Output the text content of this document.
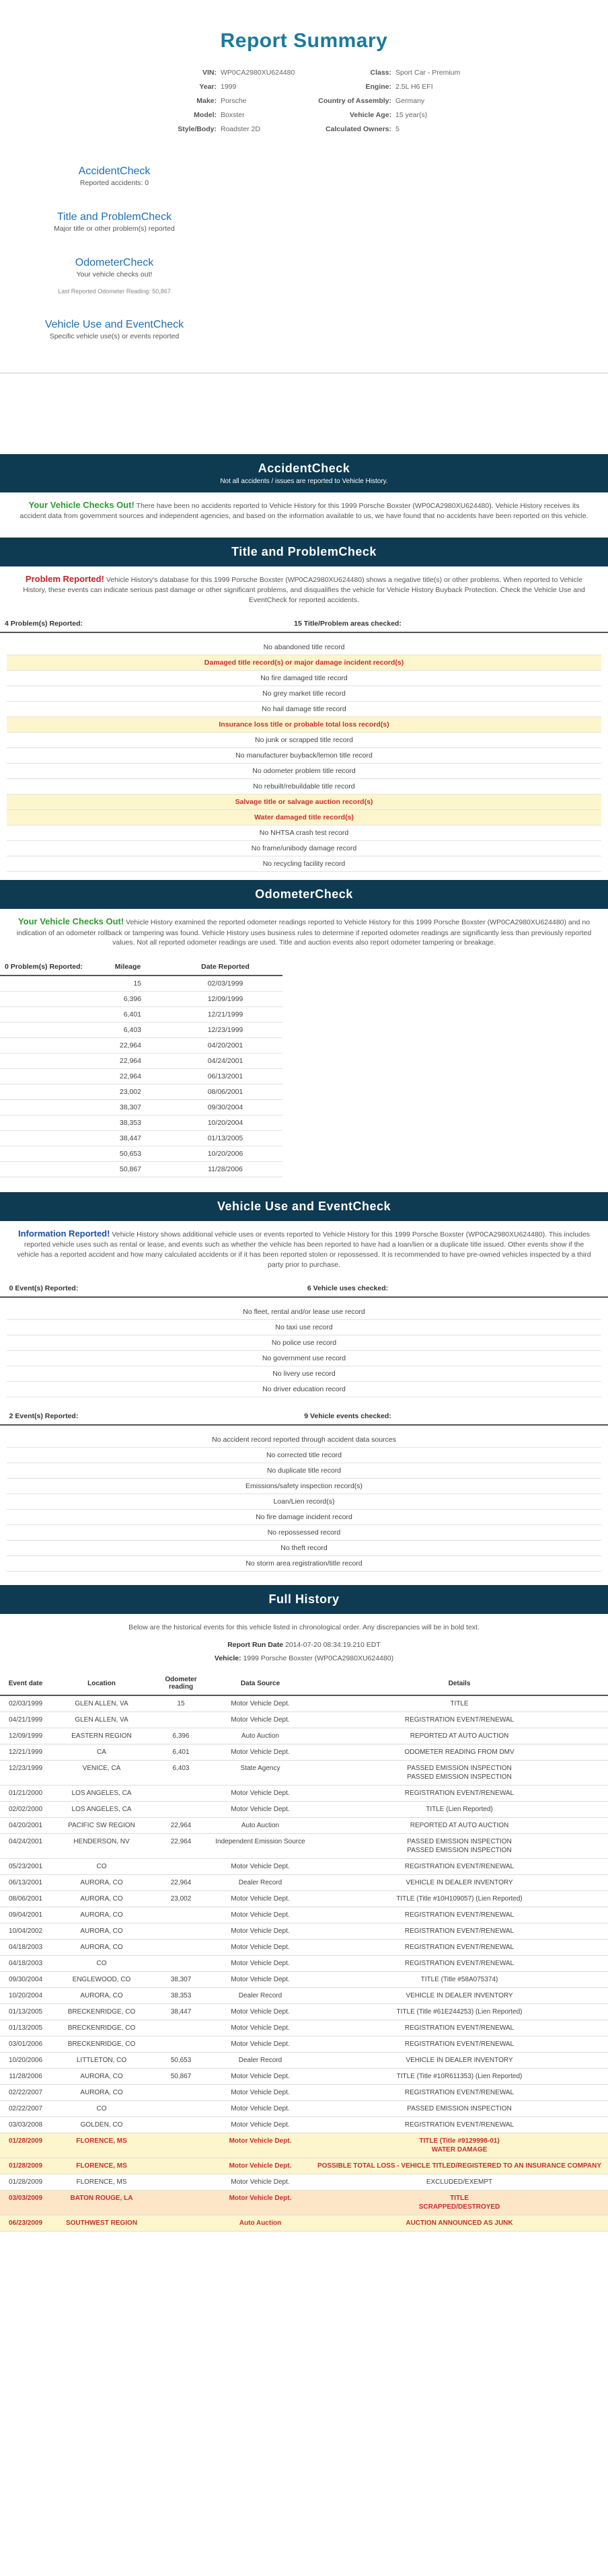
Report Summary
VIN: WP0CA2980XU624480	Class: Sport Car - Premium
Year: 1999	Engine: 2.5L H6 EFI
Make: Porsche	Country of Assembly: Germany
Model: Boxster	Vehicle Age: 15 year(s)
Style/Body: Roadster 2D	Calculated Owners: 5
AccidentCheck
Reported accidents: 0
Title and ProblemCheck
Major title or other problem(s) reported
OdometerCheck
Your vehicle checks out!
Last Reported Odometer Reading: 50,867
Vehicle Use and EventCheck
Specific vehicle use(s) or events reported
AccidentCheck
Not all accidents / issues are reported to Vehicle History.
Your Vehicle Checks Out! There have been no accidents reported to Vehicle History for this 1999 Porsche Boxster (WP0CA2980XU624480). Vehicle History receives its accident data from government sources and independent agencies, and based on the information available to us, we have found that no accidents have been reported on this vehicle.
Title and ProblemCheck
Problem Reported! Vehicle History's database for this 1999 Porsche Boxster (WP0CA2980XU624480) shows a negative title(s) or other problems. When reported to Vehicle History, these events can indicate serious past damage or other significant problems, and disqualifies the vehicle for Vehicle History Buyback Protection. Check the Vehicle Use and EventCheck for reported accidents.
4 Problem(s) Reported:	15 Title/Problem areas checked:
No abandoned title record
Damaged title record(s) or major damage incident record(s)
No fire damaged title record
No grey market title record
No hail damage title record
Insurance loss title or probable total loss record(s)
No junk or scrapped title record
No manufacturer buyback/lemon title record
No odometer problem title record
No rebuilt/rebuildable title record
Salvage title or salvage auction record(s)
Water damaged title record(s)
No NHTSA crash test record
No frame/unibody damage record
No recycling facility record
OdometerCheck
Your Vehicle Checks Out! Vehicle History examined the reported odometer readings reported to Vehicle History for this 1999 Porsche Boxster (WP0CA2980XU624480) and no indication of an odometer rollback or tampering was found. Vehicle History uses business rules to determine if reported odometer readings are significantly less than previously reported values. Not all reported odometer readings are used. Title and auction events also report odometer tampering or breakage.
0 Problem(s) Reported:	Mileage	Date Reported
	15	02/03/1999
	6,396	12/09/1999
	6,401	12/21/1999
	6,403	12/23/1999
	22,964	04/20/2001
	22,964	04/24/2001
	22,964	06/13/2001
	23,002	08/06/2001
	38,307	09/30/2004
	38,353	10/20/2004
	38,447	01/13/2005
	50,653	10/20/2006
	50,867	11/28/2006
Vehicle Use and EventCheck
Information Reported! Vehicle History shows additional vehicle uses or events reported to Vehicle History for this 1999 Porsche Boxster (WP0CA2980XU624480). This includes reported vehicle uses such as rental or lease, and events such as whether the vehicle has been reported to have had a loan/lien or a duplicate title issued. Other events show if the vehicle has a reported accident and how many calculated accidents or if it has been reported stolen or repossessed. It is recommended to have pre-owned vehicles inspected by a third party prior to purchase.
0 Event(s) Reported:	6 Vehicle uses checked:
No fleet, rental and/or lease use record
No taxi use record
No police use record
No government use record
No livery use record
No driver education record
2 Event(s) Reported:	9 Vehicle events checked:
No accident record reported through accident data sources
No corrected title record
No duplicate title record
Emissions/safety inspection record(s)
Loan/Lien record(s)
No fire damage incident record
No repossessed record
No theft record
No storm area registration/title record
Full History
Below are the historical events for this vehicle listed in chronological order. Any discrepancies will be in bold text.
Report Run Date 2014-07-20 08:34:19.210 EDT
Vehicle: 1999 Porsche Boxster (WP0CA2980XU624480)
Event date	Location	Odometer reading	Data Source	Details
02/03/1999	GLEN ALLEN, VA	15	Motor Vehicle Dept.	TITLE
04/21/1999	GLEN ALLEN, VA		Motor Vehicle Dept.	REGISTRATION EVENT/RENEWAL
12/09/1999	EASTERN REGION	6,396	Auto Auction	REPORTED AT AUTO AUCTION
12/21/1999	CA	6,401	Motor Vehicle Dept.	ODOMETER READING FROM DMV
12/23/1999	VENICE, CA	6,403	State Agency	PASSED EMISSION INSPECTION
PASSED EMISSION INSPECTION
01/21/2000	LOS ANGELES, CA		Motor Vehicle Dept.	REGISTRATION EVENT/RENEWAL
02/02/2000	LOS ANGELES, CA		Motor Vehicle Dept.	TITLE (Lien Reported)
04/20/2001	PACIFIC SW REGION	22,964	Auto Auction	REPORTED AT AUTO AUCTION
04/24/2001	HENDERSON, NV	22,964	Independent Emission Source	PASSED EMISSION INSPECTION
PASSED EMISSION INSPECTION
05/23/2001	CO		Motor Vehicle Dept.	REGISTRATION EVENT/RENEWAL
06/13/2001	AURORA, CO	22,964	Dealer Record	VEHICLE IN DEALER INVENTORY
08/06/2001	AURORA, CO	23,002	Motor Vehicle Dept.	TITLE (Title #10H109057) (Lien Reported)
09/04/2001	AURORA, CO		Motor Vehicle Dept.	REGISTRATION EVENT/RENEWAL
10/04/2002	AURORA, CO		Motor Vehicle Dept.	REGISTRATION EVENT/RENEWAL
04/18/2003	AURORA, CO		Motor Vehicle Dept.	REGISTRATION EVENT/RENEWAL
04/18/2003	CO		Motor Vehicle Dept.	REGISTRATION EVENT/RENEWAL
09/30/2004	ENGLEWOOD, CO	38,307	Motor Vehicle Dept.	TITLE (Title #58A075374)
10/20/2004	AURORA, CO	38,353	Dealer Record	VEHICLE IN DEALER INVENTORY
01/13/2005	BRECKENRIDGE, CO	38,447	Motor Vehicle Dept.	TITLE (Title #61E244253) (Lien Reported)
01/13/2005	BRECKENRIDGE, CO		Motor Vehicle Dept.	REGISTRATION EVENT/RENEWAL
03/01/2006	BRECKENRIDGE, CO		Motor Vehicle Dept.	REGISTRATION EVENT/RENEWAL
10/20/2006	LITTLETON, CO	50,653	Dealer Record	VEHICLE IN DEALER INVENTORY
11/28/2006	AURORA, CO	50,867	Motor Vehicle Dept.	TITLE (Title #10R611353) (Lien Reported)
02/22/2007	AURORA, CO		Motor Vehicle Dept.	REGISTRATION EVENT/RENEWAL
02/22/2007	CO		Motor Vehicle Dept.	PASSED EMISSION INSPECTION
03/03/2008	GOLDEN, CO		Motor Vehicle Dept.	REGISTRATION EVENT/RENEWAL
01/28/2009	FLORENCE, MS		Motor Vehicle Dept.	TITLE (Title #9129998-01)
WATER DAMAGE
01/28/2009	FLORENCE, MS		Motor Vehicle Dept.	POSSIBLE TOTAL LOSS - VEHICLE TITLED/REGISTERED TO AN INSURANCE COMPANY
01/28/2009	FLORENCE, MS		Motor Vehicle Dept.	EXCLUDED/EXEMPT
03/03/2009	BATON ROUGE, LA		Motor Vehicle Dept.	TITLE
SCRAPPED/DESTROYED
06/23/2009	SOUTHWEST REGION		Auto Auction	AUCTION ANNOUNCED AS JUNK
